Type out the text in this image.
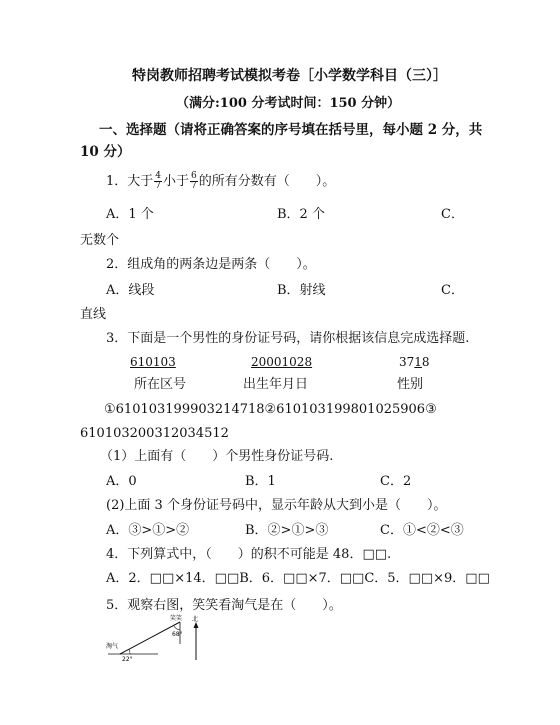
特岗教师招聘考试模拟考卷［小学数学科目（三）］
（满分:100 分考试时间：150 分钟）
一、选择题（请将正确答案的序号填在括号里，每小题 2 分，共
10 分）
1．大于 $\frac{4}{7}$ 小于 $\frac{6}{7}$ 的所有分数有（　　）。
A．1 个	B．2 个	C．
无数个
2．组成角的两条边是两条（　　）。
A．线段	B．射线	C．
直线
3．下面是一个男性的身份证号码，请你根据该信息完成选择题.
610103	20001028	3718
所在区号	出生年月日	性别
①610103199903214718②610103199801025906③
610103200312034512
（1）上面有（　　）个男性身份证号码.
A．0	B．1	C．2
(2)上面 3 个身份证号码中，显示年龄从大到小是（　　）。
A．③>①>②	B．②>①>③	C．①<②<③
4．下列算式中，（　　）的积不可能是 48．□□.
A．2．□□×14．□□B．6．□□×7．□□C．5．□□×9．□□
5．观察右图，笑笑看淘气是在（　　）。
北
笑笑
68°
淘气
22°
